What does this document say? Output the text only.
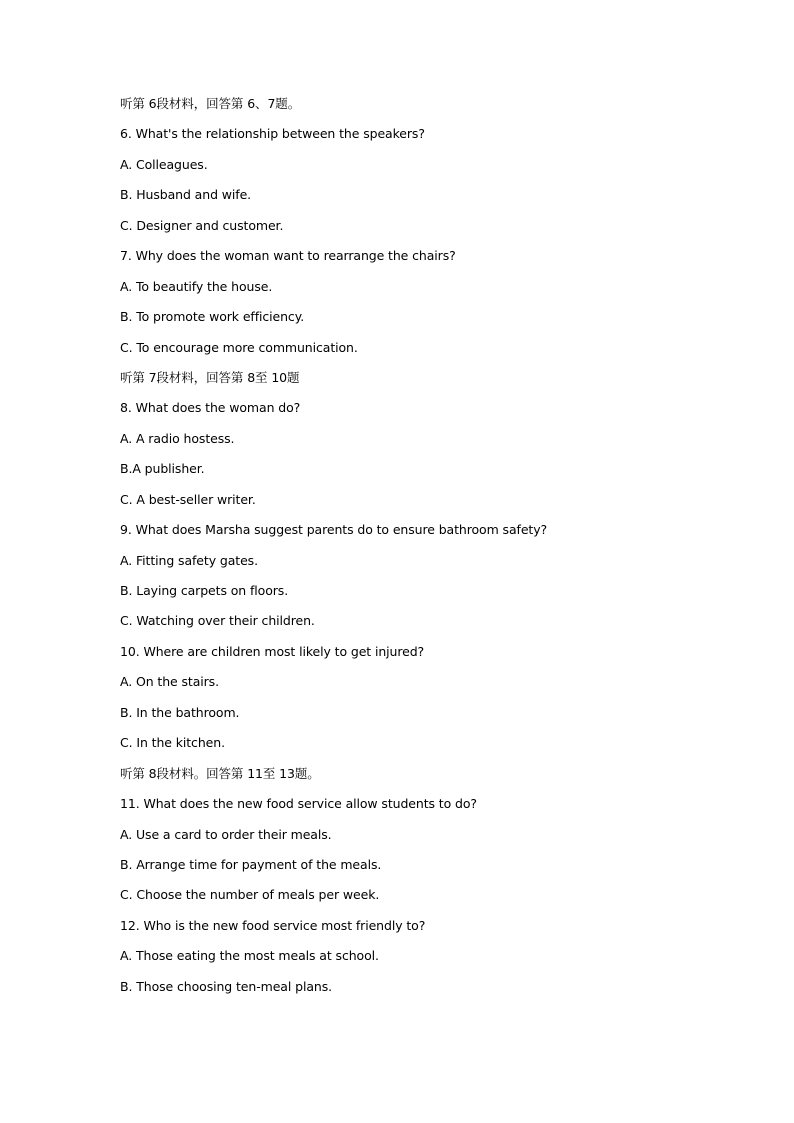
听第 6段材料，回答第 6、7题。
6. What's the relationship between the speakers?
A. Colleagues.
B. Husband and wife.
C. Designer and customer.
7. Why does the woman want to rearrange the chairs?
A. To beautify the house.
B. To promote work efficiency.
C. To encourage more communication.
听第 7段材料，回答第 8至 10题
8. What does the woman do?
A. A radio hostess.
B.A publisher.
C. A best-seller writer.
9. What does Marsha suggest parents do to ensure bathroom safety?
A. Fitting safety gates.
B. Laying carpets on floors.
C. Watching over their children.
10. Where are children most likely to get injured?
A. On the stairs.
B. In the bathroom.
C. In the kitchen.
听第 8段材料。回答第 11至 13题。
11. What does the new food service allow students to do?
A. Use a card to order their meals.
B. Arrange time for payment of the meals.
C. Choose the number of meals per week.
12. Who is the new food service most friendly to?
A. Those eating the most meals at school.
B. Those choosing ten-meal plans.
